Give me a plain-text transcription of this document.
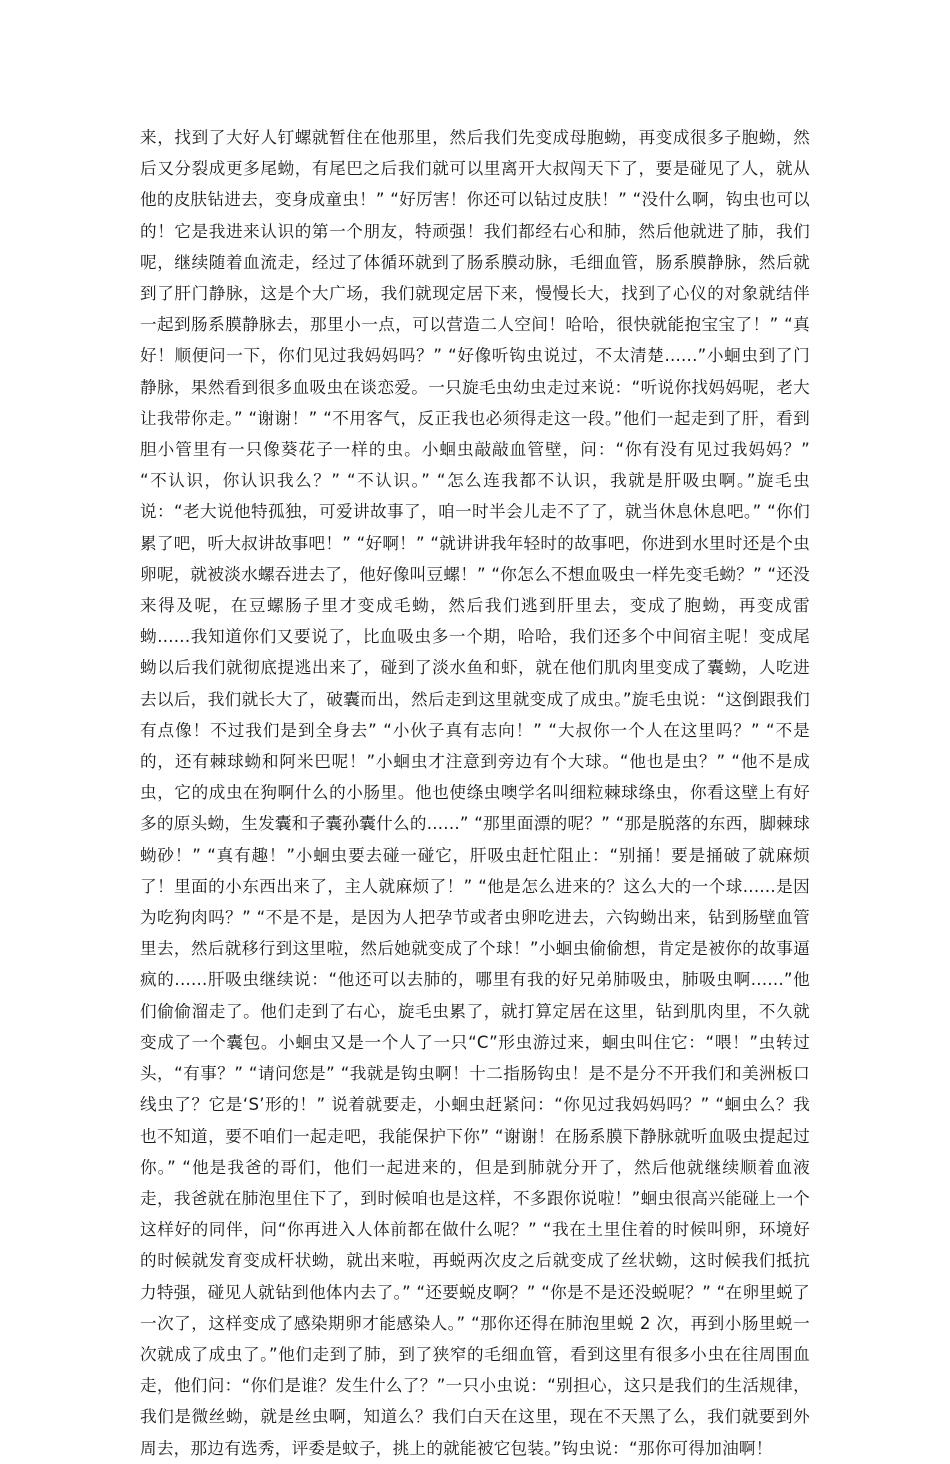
来，找到了大好人钉螺就暂住在他那里，然后我们先变成母胞蚴，再变成很多子胞蚴，然后又分裂成更多尾蚴，有尾巴之后我们就可以里离开大叔闯天下了，要是碰见了人，就从他的皮肤钻进去，变身成童虫！” “好厉害！你还可以钻过皮肤！” “没什么啊，钩虫也可以的！它是我进来认识的第一个朋友，特顽强！我们都经右心和肺，然后他就进了肺，我们呢，继续随着血流走，经过了体循环就到了肠系膜动脉，毛细血管，肠系膜静脉，然后就到了肝门静脉，这是个大广场，我们就现定居下来，慢慢长大，找到了心仪的对象就结伴一起到肠系膜静脉去，那里小一点，可以营造二人空间！哈哈，很快就能抱宝宝了！” “真好！顺便问一下，你们见过我妈妈吗？” “好像听钩虫说过，不太清楚......”小蛔虫到了门静脉，果然看到很多血吸虫在谈恋爱。一只旋毛虫幼虫走过来说：“听说你找妈妈呢，老大让我带你走。” “谢谢！” “不用客气，反正我也必须得走这一段。”他们一起走到了肝，看到胆小管里有一只像葵花子一样的虫。小蛔虫敲敲血管壁，问：“你有没有见过我妈妈？” “不认识，你认识我么？” “不认识。” “怎么连我都不认识，我就是肝吸虫啊。”旋毛虫说：“老大说他特孤独，可爱讲故事了，咱一时半会儿走不了了，就当休息休息吧。” “你们累了吧，听大叔讲故事吧！” “好啊！” “就讲讲我年轻时的故事吧，你进到水里时还是个虫卵呢，就被淡水螺吞进去了，他好像叫豆螺！” “你怎么不想血吸虫一样先变毛蚴？” “还没来得及呢，在豆螺肠子里才变成毛蚴，然后我们逃到肝里去，变成了胞蚴，再变成雷蚴......我知道你们又要说了，比血吸虫多一个期，哈哈，我们还多个中间宿主呢！变成尾蚴以后我们就彻底提逃出来了，碰到了淡水鱼和虾，就在他们肌肉里变成了囊蚴，人吃进去以后，我们就长大了，破囊而出，然后走到这里就变成了成虫。”旋毛虫说：“这倒跟我们有点像！不过我们是到全身去” “小伙子真有志向！” “大叔你一个人在这里吗？” “不是的，还有棘球蚴和阿米巴呢！”小蛔虫才注意到旁边有个大球。“他也是虫？” “他不是成虫，它的成虫在狗啊什么的小肠里。他也使绦虫噢学名叫细粒棘球绦虫，你看这壁上有好多的原头蚴，生发囊和子囊孙囊什么的......” “那里面漂的呢？” “那是脱落的东西，脚棘球蚴砂！” “真有趣！”小蛔虫要去碰一碰它，肝吸虫赶忙阻止：“别捅！要是捅破了就麻烦了！里面的小东西出来了，主人就麻烦了！” “他是怎么进来的？这么大的一个球......是因为吃狗肉吗？” “不是不是，是因为人把孕节或者虫卵吃进去，六钩蚴出来，钻到肠壁血管里去，然后就移行到这里啦，然后她就变成了个球！”小蛔虫偷偷想，肯定是被你的故事逼疯的......肝吸虫继续说：“他还可以去肺的，哪里有我的好兄弟肺吸虫，肺吸虫啊......”他们偷偷溜走了。他们走到了右心，旋毛虫累了，就打算定居在这里，钻到肌肉里，不久就变成了一个囊包。小蛔虫又是一个人了一只“C”形虫游过来，蛔虫叫住它：“喂！”虫转过头，“有事？” “请问您是” “我就是钩虫啊！十二指肠钩虫！是不是分不开我们和美洲板口线虫了？它是‘S’形的！” 说着就要走，小蛔虫赶紧问：“你见过我妈妈吗？” “蛔虫么？我也不知道，要不咱们一起走吧，我能保护下你” “谢谢！在肠系膜下静脉就听血吸虫提起过你。” “他是我爸的哥们，他们一起进来的，但是到肺就分开了，然后他就继续顺着血液走，我爸就在肺泡里住下了，到时候咱也是这样，不多跟你说啦！”蛔虫很高兴能碰上一个这样好的同伴，问“你再进入人体前都在做什么呢？” “我在土里住着的时候叫卵，环境好的时候就发育变成杆状蚴，就出来啦，再蜕两次皮之后就变成了丝状蚴，这时候我们抵抗力特强，碰见人就钻到他体内去了。” “还要蜕皮啊？” “你是不是还没蜕呢？” “在卵里蜕了一次了，这样变成了感染期卵才能感染人。” “那你还得在肺泡里蜕 2 次，再到小肠里蜕一次就成了成虫了。”他们走到了肺，到了狭窄的毛细血管，看到这里有很多小虫在往周围血走，他们问：“你们是谁？发生什么了？”一只小虫说：“别担心，这只是我们的生活规律，我们是微丝蚴，就是丝虫啊，知道么？我们白天在这里，现在不天黑了么，我们就要到外周去，那边有选秀，评委是蚊子，挑上的就能被它包装。”钩虫说：“那你可得加油啊！
